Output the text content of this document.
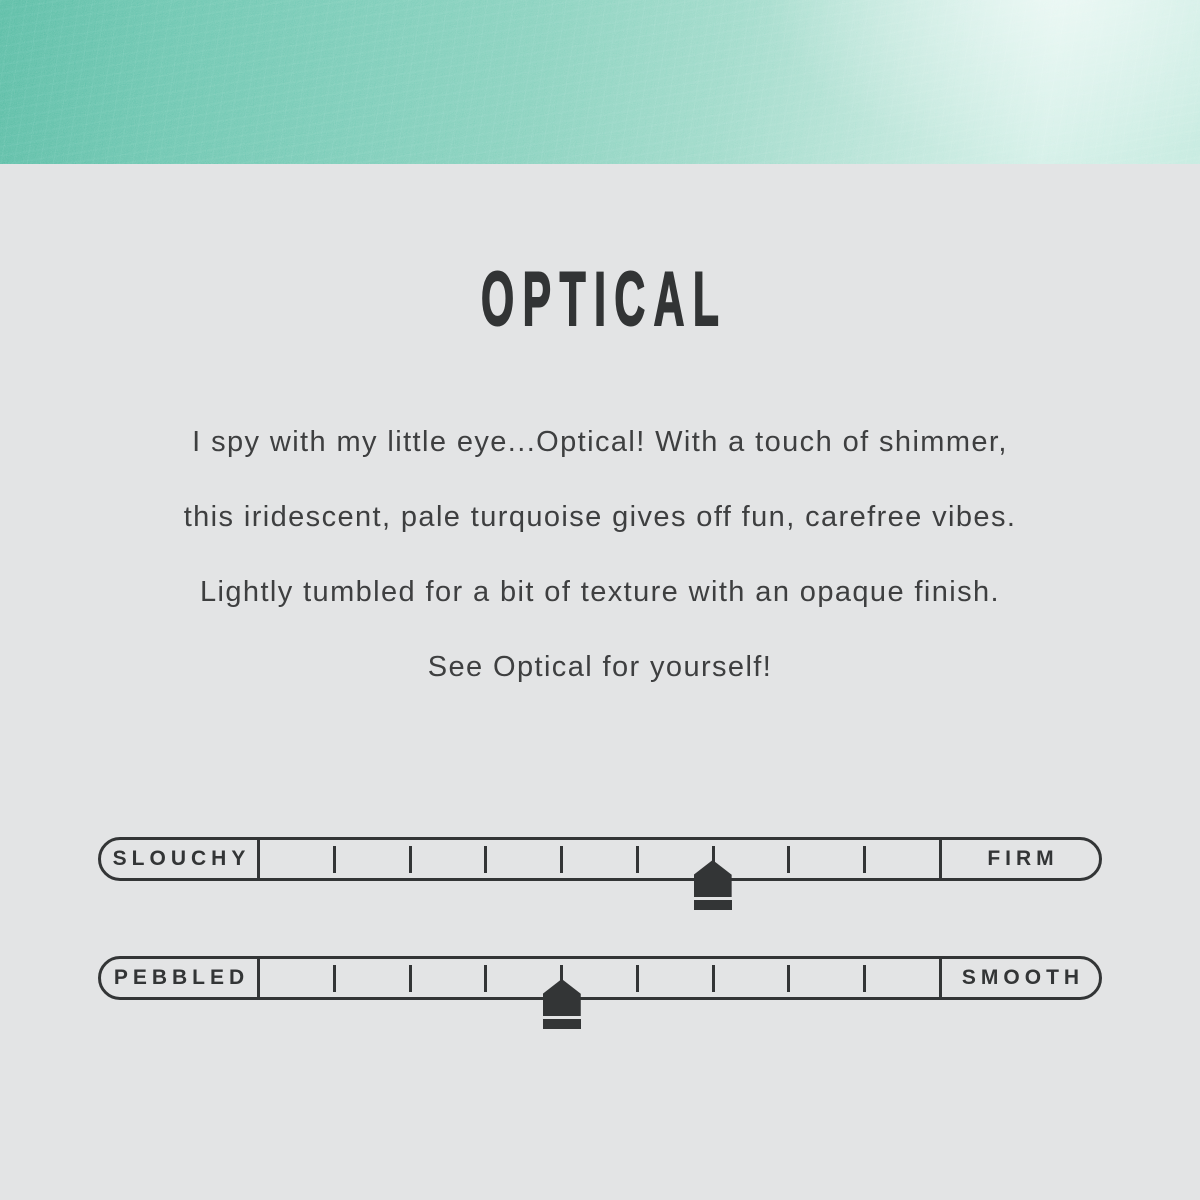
OPTICAL
I spy with my little eye...Optical! With a touch of shimmer,
this iridescent, pale turquoise gives off fun, carefree vibes.
Lightly tumbled for a bit of texture with an opaque finish.
See Optical for yourself!
SLOUCHY	FIRM
PEBBLED	SMOOTH
